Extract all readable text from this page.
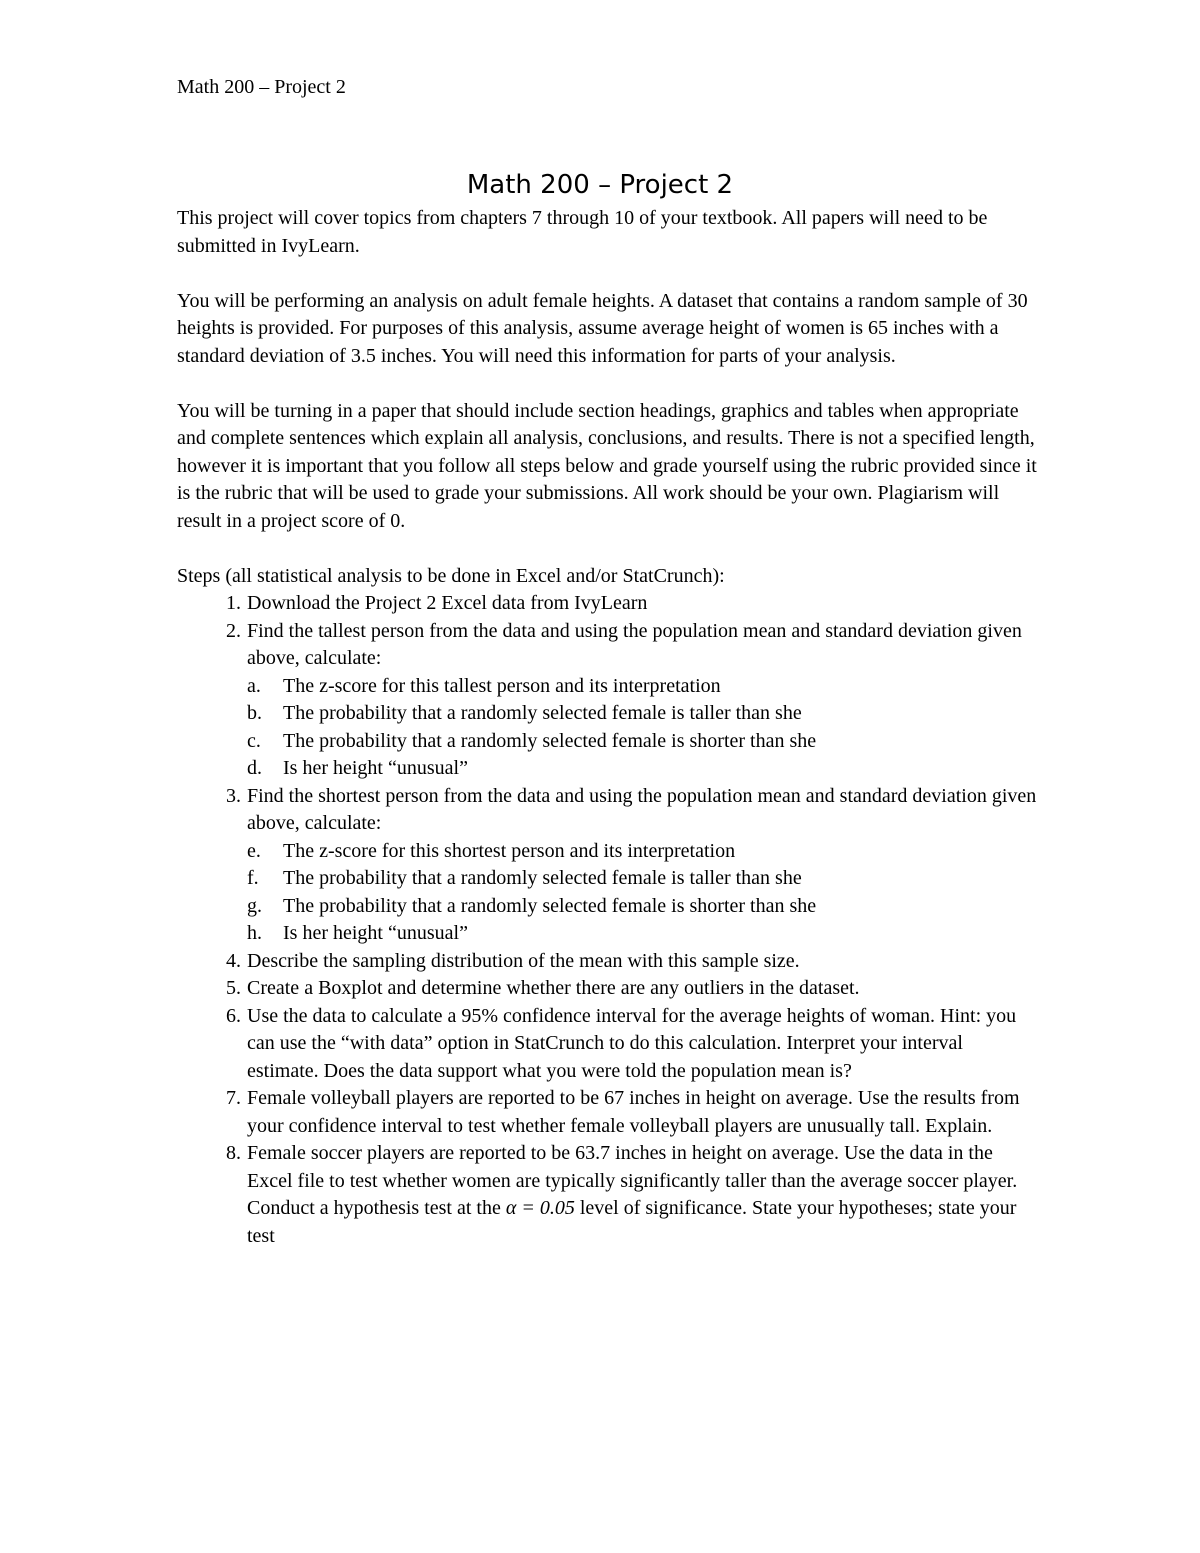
Math 200 – Project 2
Math 200 – Project 2

This project will cover topics from chapters 7 through 10 of your textbook. All papers will need to be submitted in IvyLearn.

You will be performing an analysis on adult female heights. A dataset that contains a random sample of 30 heights is provided. For purposes of this analysis, assume average height of women is 65 inches with a standard deviation of 3.5 inches. You will need this information for parts of your analysis.

You will be turning in a paper that should include section headings, graphics and tables when appropriate and complete sentences which explain all analysis, conclusions, and results. There is not a specified length, however it is important that you follow all steps below and grade yourself using the rubric provided since it is the rubric that will be used to grade your submissions. All work should be your own. Plagiarism will result in a project score of 0.

Steps (all statistical analysis to be done in Excel and/or StatCrunch):

1. Download the Project 2 Excel data from IvyLearn
2. Find the tallest person from the data and using the population mean and standard deviation given above, calculate:
a.	The z-score for this tallest person and its interpretation
b.	The probability that a randomly selected female is taller than she
c.	The probability that a randomly selected female is shorter than she
d.	Is her height “unusual”
3. Find the shortest person from the data and using the population mean and standard deviation given above, calculate:
e.	The z-score for this shortest person and its interpretation
f.	The probability that a randomly selected female is taller than she
g.	The probability that a randomly selected female is shorter than she
h.	Is her height “unusual”
4. Describe the sampling distribution of the mean with this sample size.
5. Create a Boxplot and determine whether there are any outliers in the dataset.
6. Use the data to calculate a 95% confidence interval for the average heights of woman. Hint: you can use the “with data” option in StatCrunch to do this calculation. Interpret your interval estimate. Does the data support what you were told the population mean is?
7. Female volleyball players are reported to be 67 inches in height on average. Use the results from your confidence interval to test whether female volleyball players are unusually tall. Explain.
8. Female soccer players are reported to be 63.7 inches in height on average. Use the data in the Excel file to test whether women are typically significantly taller than the average soccer player. Conduct a hypothesis test at the α = 0.05 level of significance. State your hypotheses; state your test
